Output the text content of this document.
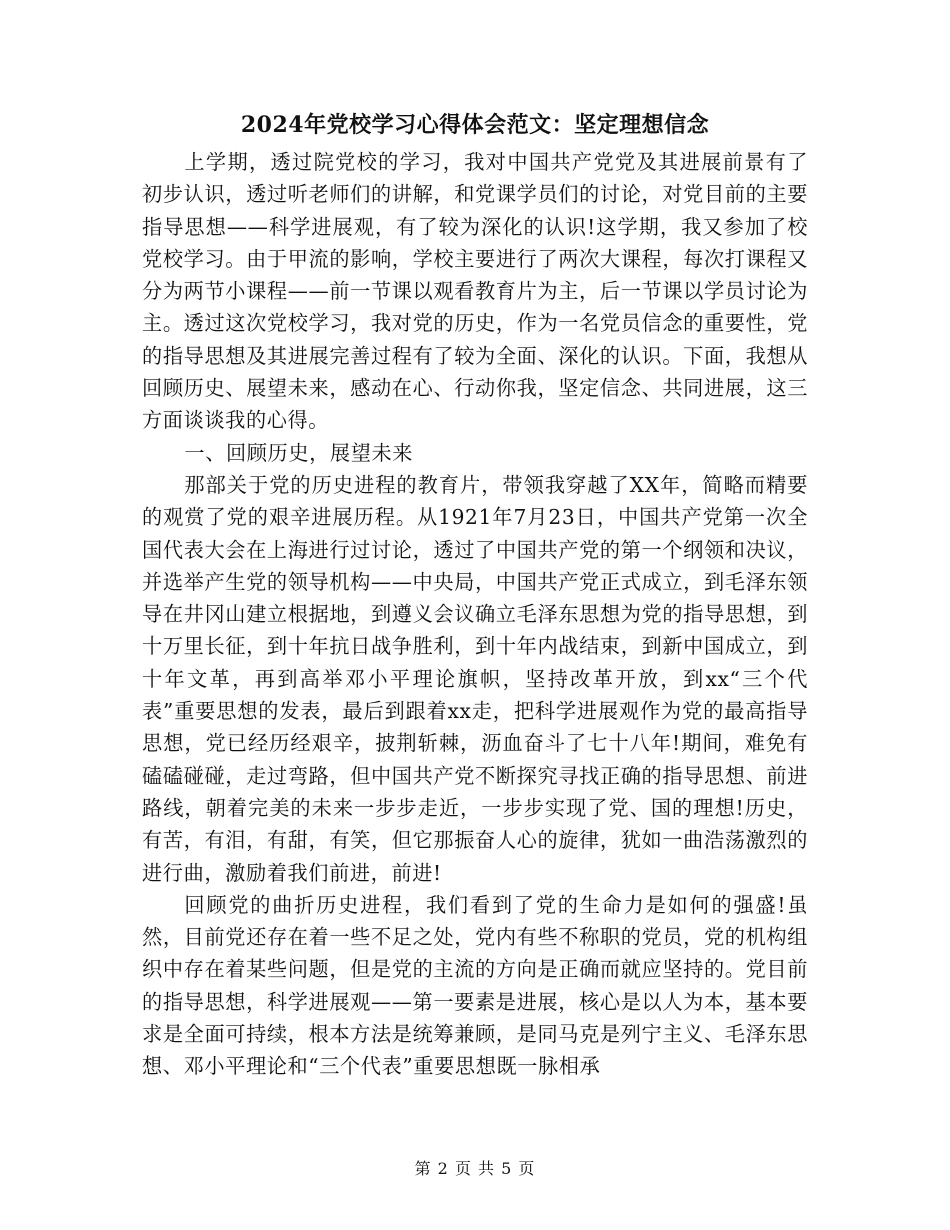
2024年党校学习心得体会范文：坚定理想信念

上学期，透过院党校的学习，我对中国共产党党及其进展前景有了初步认识，透过听老师们的讲解，和党课学员们的讨论，对党目前的主要指导思想——科学进展观，有了较为深化的认识!这学期，我又参加了校党校学习。由于甲流的影响，学校主要进行了两次大课程，每次打课程又分为两节小课程——前一节课以观看教育片为主，后一节课以学员讨论为主。透过这次党校学习，我对党的历史，作为一名党员信念的重要性，党的指导思想及其进展完善过程有了较为全面、深化的认识。下面，我想从回顾历史、展望未来，感动在心、行动你我，坚定信念、共同进展，这三方面谈谈我的心得。

一、回顾历史，展望未来

那部关于党的历史进程的教育片，带领我穿越了XX年，简略而精要的观赏了党的艰辛进展历程。从1921年7月23日，中国共产党第一次全国代表大会在上海进行过讨论，透过了中国共产党的第一个纲领和决议，并选举产生党的领导机构——中央局，中国共产党正式成立，到毛泽东领导在井冈山建立根据地，到遵义会议确立毛泽东思想为党的指导思想，到十万里长征，到十年抗日战争胜利，到十年内战结束，到新中国成立，到十年文革，再到高举邓小平理论旗帜，坚持改革开放，到xx“三个代表”重要思想的发表，最后到跟着xx走，把科学进展观作为党的最高指导思想，党已经历经艰辛，披荆斩棘，沥血奋斗了七十八年!期间，难免有磕磕碰碰，走过弯路，但中国共产党不断探究寻找正确的指导思想、前进路线，朝着完美的未来一步步走近，一步步实现了党、国的理想!历史，有苦，有泪，有甜，有笑，但它那振奋人心的旋律，犹如一曲浩荡激烈的进行曲，激励着我们前进，前进!

回顾党的曲折历史进程，我们看到了党的生命力是如何的强盛!虽然，目前党还存在着一些不足之处，党内有些不称职的党员，党的机构组织中存在着某些问题，但是党的主流的方向是正确而就应坚持的。党目前的指导思想，科学进展观——第一要素是进展，核心是以人为本，基本要求是全面可持续，根本方法是统筹兼顾，是同马克是列宁主义、毛泽东思想、邓小平理论和“三个代表”重要思想既一脉相承

第 2 页 共 5 页
